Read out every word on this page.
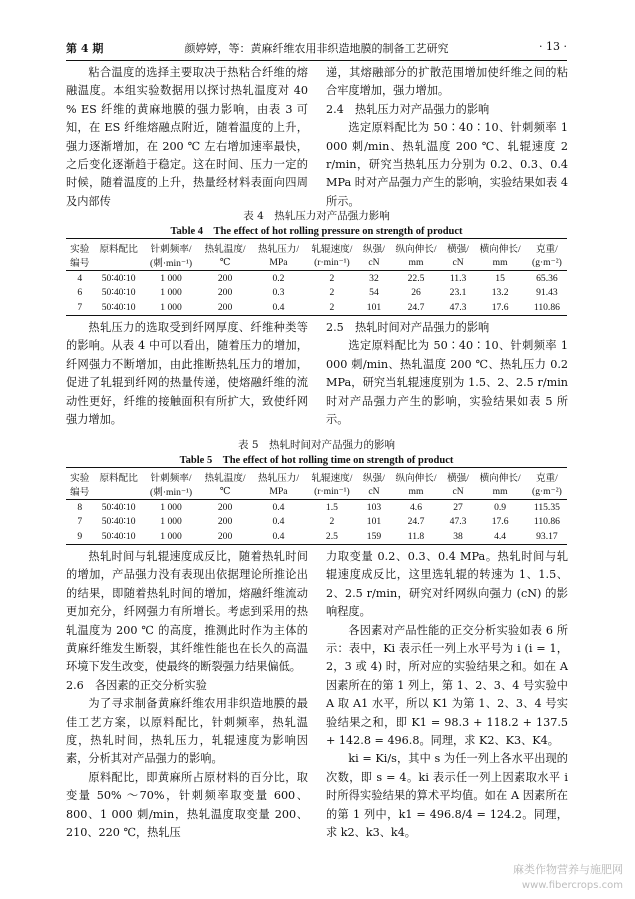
第 4 期	颜婷婷，等：黄麻纤维农用非织造地膜的制备工艺研究	· 13 ·

粘合温度的选择主要取决于热粘合纤维的熔融温度。本组实验数据用以探讨热轧温度对 40 % ES 纤维的黄麻地膜的强力影响，由表 3 可知，在 ES 纤维熔融点附近，随着温度的上升，强力逐渐增加，在 200 ℃ 左右增加速率最快，之后变化逐渐趋于稳定。这在时间、压力一定的时候，随着温度的上升，热量经材料表面向四周及内部传

递，其熔融部分的扩散范围增加使纤维之间的粘合牢度增加，强力增加。

2.4　热轧压力对产品强力的影响

选定原料配比为 50∶40∶10、针刺频率 1 000 刺/min、热轧温度 200 ℃、轧辊速度 2 r/min，研究当热轧压力分别为 0.2、0.3、0.4 MPa 时对产品强力产生的影响，实验结果如表 4 所示。

表 4　热轧压力对产品强力影响
Table 4　The effect of hot rolling pressure on strength of product
实验	原料配比	针刺频率/	热轧温度/	热轧压力/	轧辊速度/	纵强/	纵向伸长/	横强/	横向伸长/	克重/
编号		(刺·min⁻¹)	℃	MPa	(r·min⁻¹)	cN	mm	cN	mm	(g·m⁻²)
4	50∶40∶10	1 000	200	0.2	2	32	22.5	11.3	15	65.36
6	50∶40∶10	1 000	200	0.3	2	54	26	23.1	13.2	91.43
7	50∶40∶10	1 000	200	0.4	2	101	24.7	47.3	17.6	110.86

热轧压力的选取受到纤网厚度、纤维种类等的影响。从表 4 中可以看出，随着压力的增加，纤网强力不断增加，由此推断热轧压力的增加，促进了轧辊到纤网的热量传递，使熔融纤维的流动性更好，纤维的接触面积有所扩大，致使纤网强力增加。

2.5　热轧时间对产品强力的影响

选定原料配比为 50∶40∶10、针刺频率 1 000 刺/min、热轧温度 200 ℃、热轧压力 0.2 MPa，研究当轧辊速度别为 1.5、2、2.5 r/min 时对产品强力产生的影响，实验结果如表 5 所示。

表 5　热轧时间对产品强力的影响
Table 5　The effect of hot rolling time on strength of product
实验	原料配比	针刺频率/	热轧温度/	热轧压力/	轧辊速度/	纵强/	纵向伸长/	横强/	横向伸长/	克重/
编号		(刺·min⁻¹)	℃	MPa	(r·min⁻¹)	cN	mm	cN	mm	(g·m⁻²)
8	50∶40∶10	1 000	200	0.4	1.5	103	4.6	27	0.9	115.35
7	50∶40∶10	1 000	200	0.4	2	101	24.7	47.3	17.6	110.86
9	50∶40∶10	1 000	200	0.4	2.5	159	11.8	38	4.4	93.17

热轧时间与轧辊速度成反比，随着热轧时间的增加，产品强力没有表现出依据理论所推论出的结果，即随着热轧时间的增加，熔融纤维流动更加充分，纤网强力有所增长。考虑到采用的热轧温度为 200 ℃ 的高度，推测此时作为主体的黄麻纤维发生断裂，其纤维性能也在长久的高温环境下发生改变，使最终的断裂强力结果偏低。

2.6　各因素的正交分析实验

为了寻求制备黄麻纤维农用非织造地膜的最佳工艺方案，以原料配比，针刺频率，热轧温度，热轧时间，热轧压力，轧辊速度为影响因素，分析其对产品强力的影响。

原料配比，即黄麻所占原材料的百分比，取变量 50% ～70%，针刺频率取变量 600、800、1 000 刺/min，热轧温度取变量 200、210、220 ℃，热轧压

力取变量 0.2、0.3、0.4 MPa。热轧时间与轧辊速度成反比，这里选轧辊的转速为 1、1.5、2、2.5 r/min，研究对纤网纵向强力 (cN) 的影响程度。

各因素对产品性能的正交分析实验如表 6 所示：表中，Ki 表示任一列上水平号为 i (i = 1，2，3 或 4) 时，所对应的实验结果之和。如在 A 因素所在的第 1 列上，第 1、2、3、4 号实验中 A 取 A1 水平，所以 K1 为第 1、2、3、4 号实验结果之和，即 K1 = 98.3 + 118.2 + 137.5 + 142.8 = 496.8。同理，求 K2、K3、K4。

ki = Ki/s，其中 s 为任一列上各水平出现的次数，即 s = 4。ki 表示任一列上因素取水平 i 时所得实验结果的算术平均值。如在 A 因素所在的第 1 列中，k1 = 496.8/4 = 124.2。同理，求 k2、k3、k4。

麻类作物营养与施肥网
www.fibercrops.com
